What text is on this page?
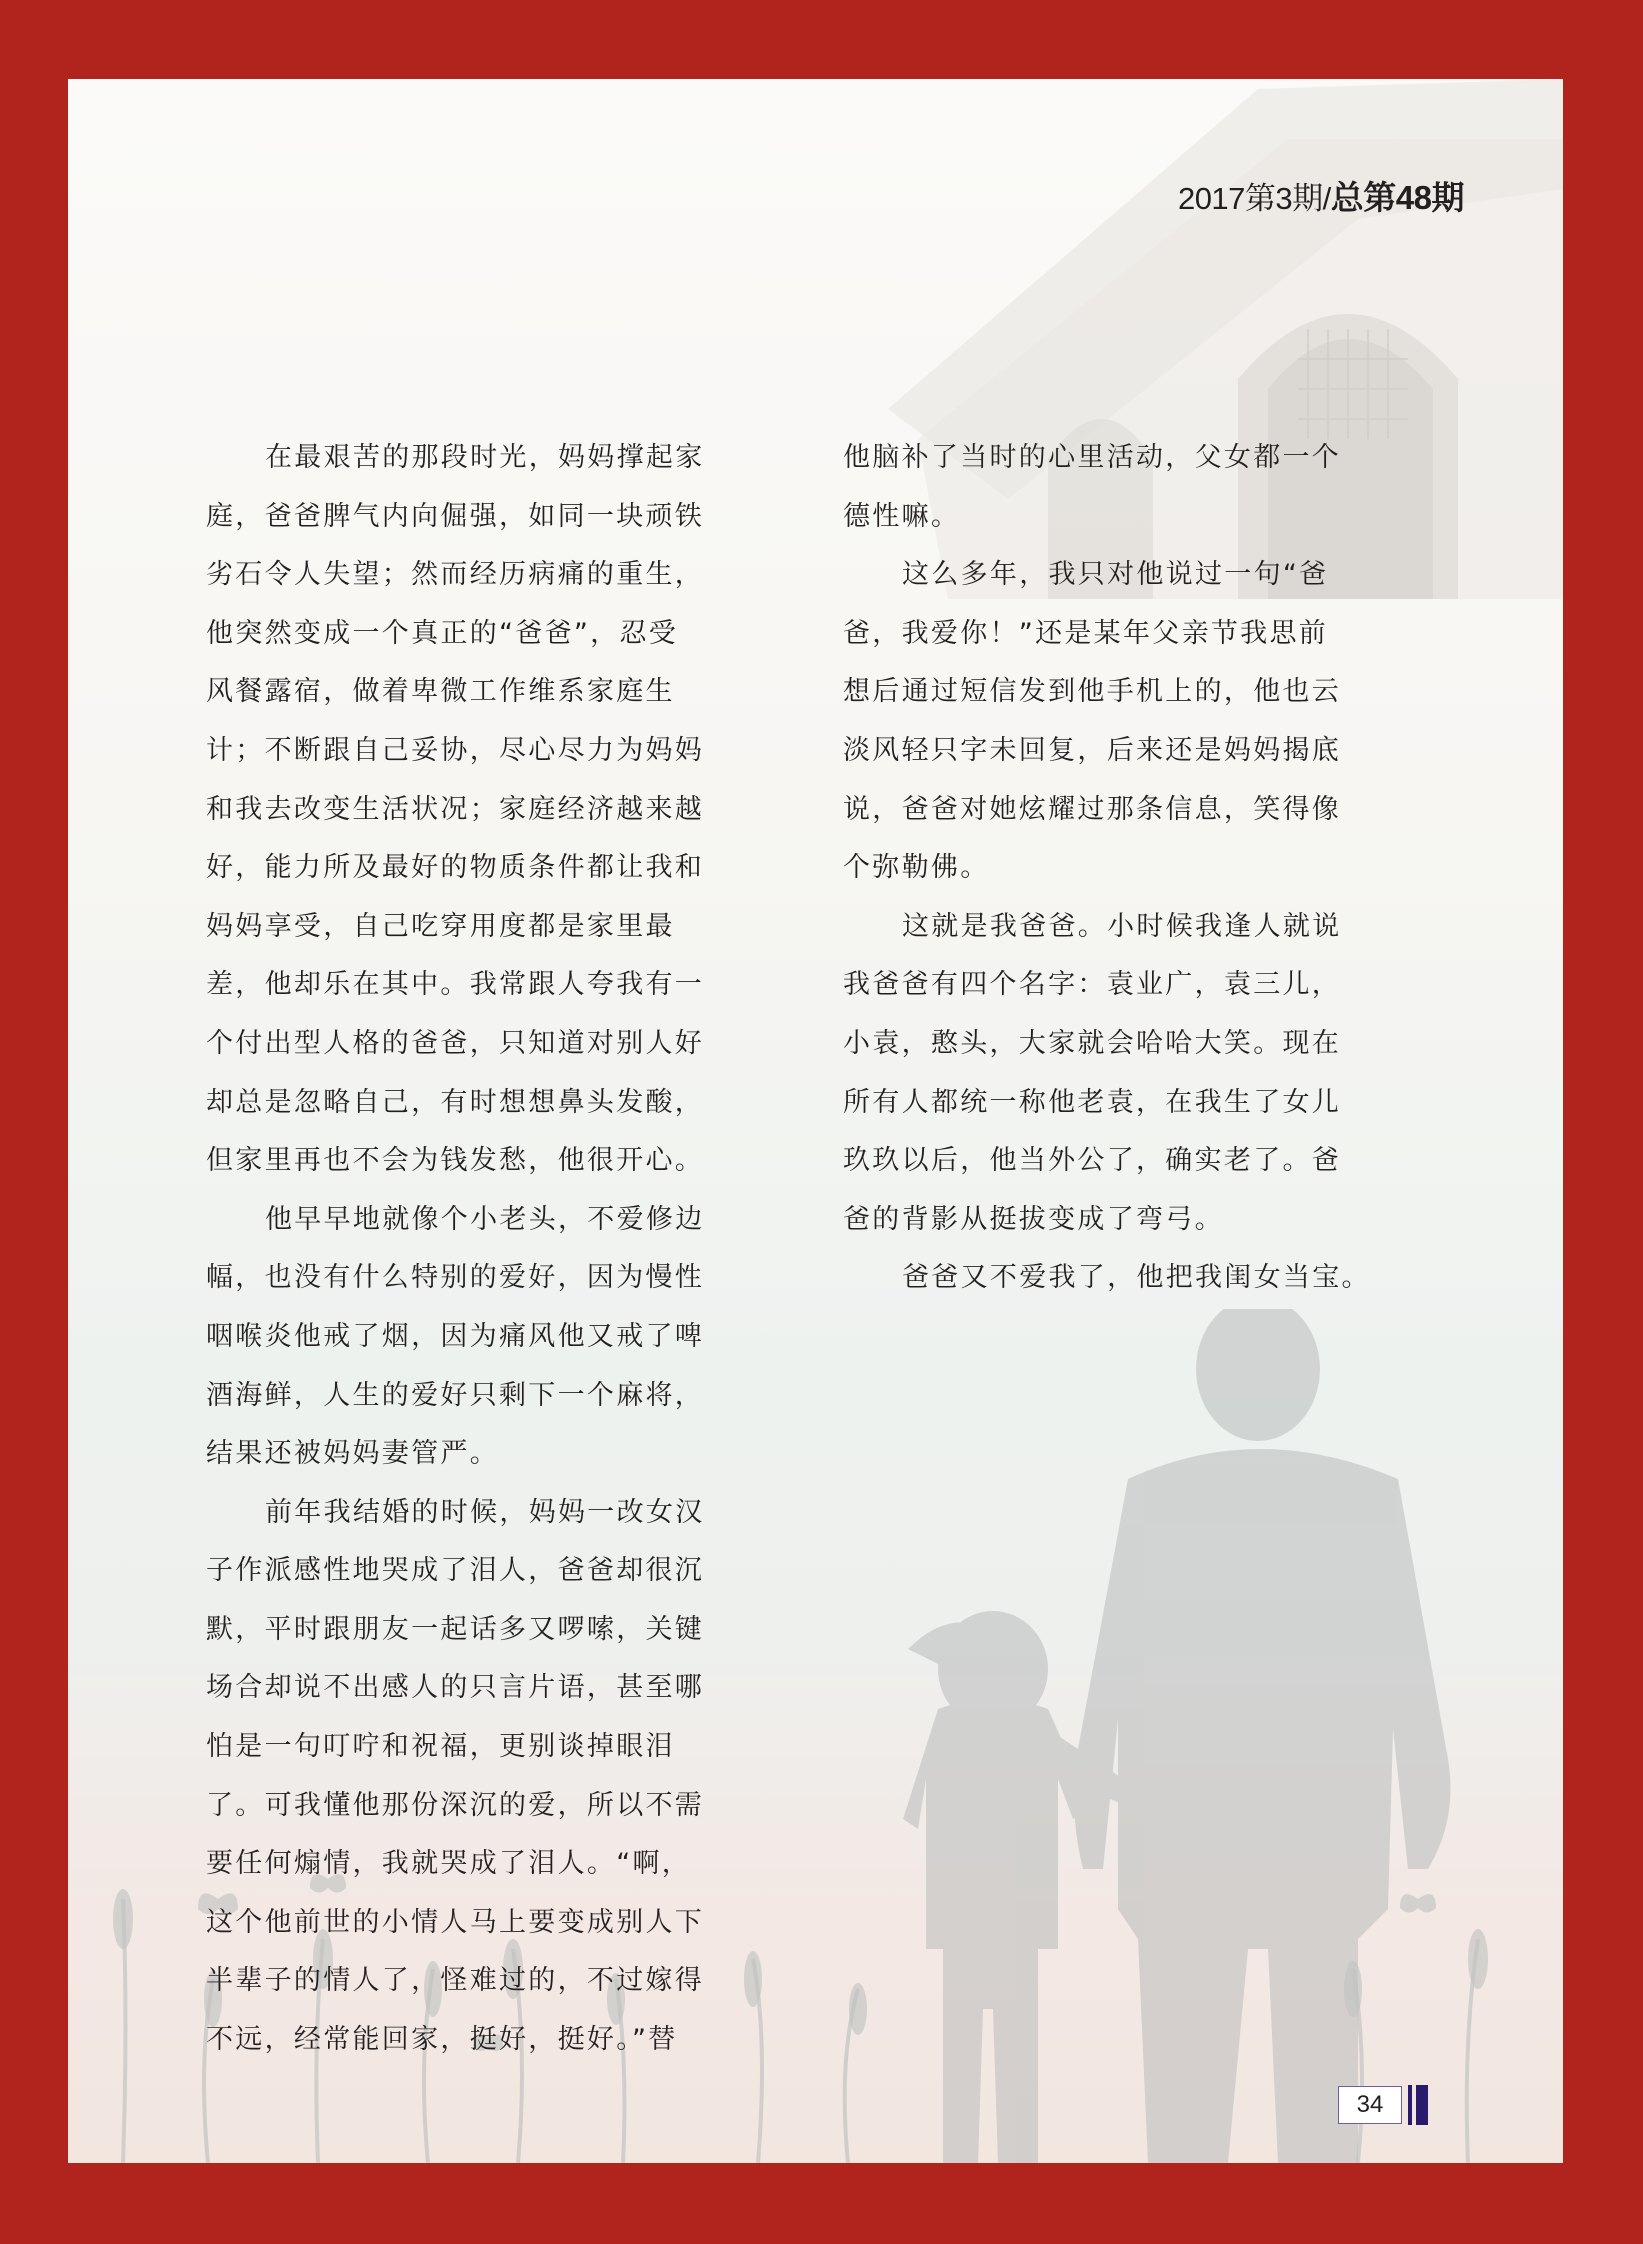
2017第3期/总第48期
在最艰苦的那段时光，妈妈撑起家
庭，爸爸脾气内向倔强，如同一块顽铁
劣石令人失望；然而经历病痛的重生，
他突然变成一个真正的“爸爸”，忍受
风餐露宿，做着卑微工作维系家庭生
计；不断跟自己妥协，尽心尽力为妈妈
和我去改变生活状况；家庭经济越来越
好，能力所及最好的物质条件都让我和
妈妈享受，自己吃穿用度都是家里最
差，他却乐在其中。我常跟人夸我有一
个付出型人格的爸爸，只知道对别人好
却总是忽略自己，有时想想鼻头发酸，
但家里再也不会为钱发愁，他很开心。
他早早地就像个小老头，不爱修边
幅，也没有什么特别的爱好，因为慢性
咽喉炎他戒了烟，因为痛风他又戒了啤
酒海鲜，人生的爱好只剩下一个麻将，
结果还被妈妈妻管严。
前年我结婚的时候，妈妈一改女汉
子作派感性地哭成了泪人，爸爸却很沉
默，平时跟朋友一起话多又啰嗦，关键
场合却说不出感人的只言片语，甚至哪
怕是一句叮咛和祝福，更别谈掉眼泪
了。可我懂他那份深沉的爱，所以不需
要任何煽情，我就哭成了泪人。“啊，
这个他前世的小情人马上要变成别人下
半辈子的情人了，怪难过的，不过嫁得
不远，经常能回家，挺好，挺好。”替
他脑补了当时的心里活动，父女都一个
德性嘛。
这么多年，我只对他说过一句“爸
爸，我爱你！”还是某年父亲节我思前
想后通过短信发到他手机上的，他也云
淡风轻只字未回复，后来还是妈妈揭底
说，爸爸对她炫耀过那条信息，笑得像
个弥勒佛。
这就是我爸爸。小时候我逢人就说
我爸爸有四个名字：袁业广，袁三儿，
小袁，憨头，大家就会哈哈大笑。现在
所有人都统一称他老袁，在我生了女儿
玖玖以后，他当外公了，确实老了。爸
爸的背影从挺拔变成了弯弓。
爸爸又不爱我了，他把我闺女当宝。
34
